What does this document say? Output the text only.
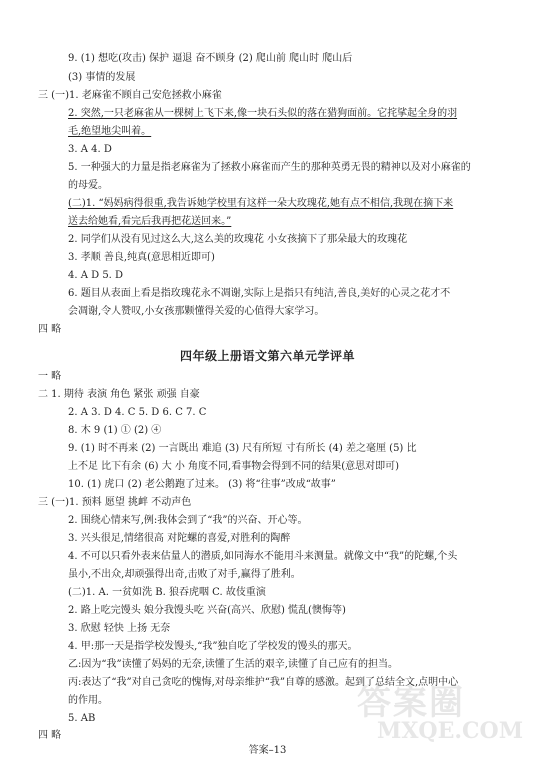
9. (1) 想吃(攻击) 保护 逼退 奋不顾身 (2) 爬山前 爬山时 爬山后
(3) 事情的发展
三 (一)1. 老麻雀不顾自己安危拯救小麻雀
2. 突然,一只老麻雀从一棵树上飞下来,像一块石头似的落在猎狗面前。它挓挲起全身的羽
毛,绝望地尖叫着。
3. A 4. D
5. 一种强大的力量是指老麻雀为了拯救小麻雀而产生的那种英勇无畏的精神以及对小麻雀的
的母爱。
(二)1. “妈妈病得很重,我告诉她学校里有这样一朵大玫瑰花,她有点不相信,我现在摘下来
送去给她看,看完后我再把花送回来。”
2. 同学们从没有见过这么大,这么美的玫瑰花 小女孩摘下了那朵最大的玫瑰花
3. 孝顺 善良,纯真(意思相近即可)
4. A D 5. D
6. 题目从表面上看是指玫瑰花永不凋谢,实际上是指只有纯洁,善良,美好的心灵之花才不
会凋谢,令人赞叹,小女孩那颗懂得关爱的心值得大家学习。
四 略
四年级上册语文第六单元学评单
一 略
二 1. 期待 表演 角色 紧张 顽强 自豪
2. A 3. D 4. C 5. D 6. C 7. C
8. 木 9 (1) ① (2) ④
9. (1) 时不再来 (2) 一言既出 难追 (3) 尺有所短 寸有所长 (4) 差之毫厘 (5) 比
上不足 比下有余 (6) 大 小 角度不同,看事物会得到不同的结果(意思对即可)
10. (1) 虎口 (2) 老公鹅跑了过来。 (3) 将“往事”改成“故事”
三 (一)1. 预料 愿望 挑衅 不动声色
2. 围绕心情来写,例:我体会到了“我”的兴奋、开心等。
3. 兴头很足,情绪很高 对陀螺的喜爱,对胜利的陶醉
4. 不可以只看外表来估量人的潜质,如同海水不能用斗来测量。就像文中“我”的陀螺,个头
虽小,不出众,却顽强得出奇,击败了对手,赢得了胜利。
(二)1. A. 一贫如洗 B. 狼吞虎咽 C. 故伎重演
2. 路上吃完馒头 娘分我馒头吃 兴奋(高兴、欣慰) 慌乱(懊悔等)
3. 欣慰 轻快 上扬 无奈
4. 甲:那一天是指学校发馒头,“我”独自吃了学校发的馒头的那天。
乙:因为“我”读懂了妈妈的无奈,读懂了生活的艰辛,读懂了自己应有的担当。
丙:表达了“我”对自己贪吃的愧悔,对母亲维护“我”自尊的感激。起到了总结全文,点明中心
的作用。
5. AB
四 略
答案–13
答案圈
MXQE.COM
